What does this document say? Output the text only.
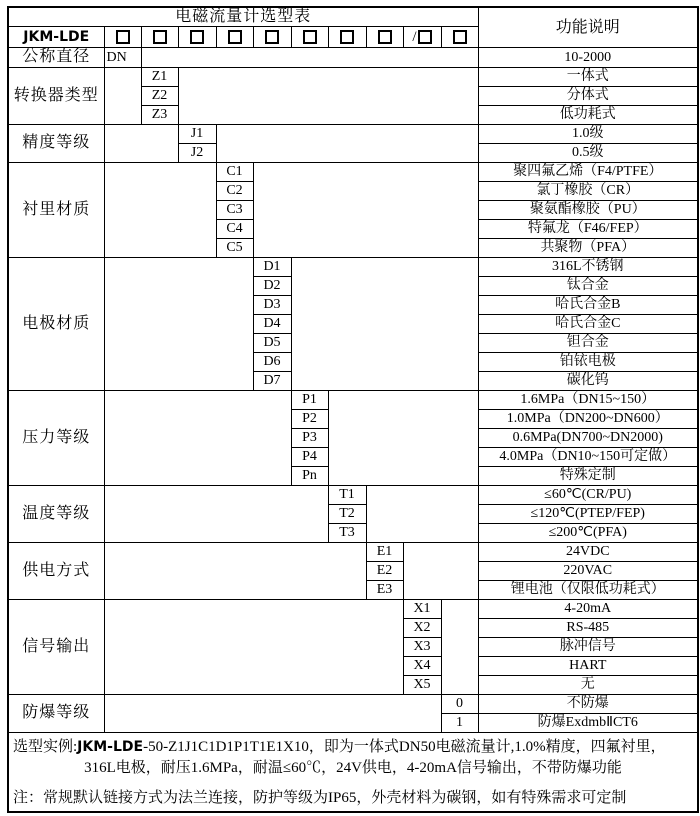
电磁流量计选型表											功能说明
JKM-LDE									/		
公称直径	DN										10-2000
转换器类型		Z1									一体式
		Z2									分体式
		Z3									低功耗式
精度等级			J1								1.0级
			J2								0.5级
衬里材质				C1							聚四氟乙烯（F4/PTFE）
				C2							氯丁橡胶（CR）
				C3							聚氨酯橡胶（PU）
				C4							特氟龙（F46/FEP）
				C5							共聚物（PFA）
电极材质					D1						316L不锈钢
					D2						钛合金
					D3						哈氏合金B
					D4						哈氏合金C
					D5						钽合金
					D6						铂铱电极
					D7						碳化钨
压力等级						P1					1.6MPa（DN15~150）
						P2					1.0MPa（DN200~DN600）
						P3					0.6MPa(DN700~DN2000)
						P4					4.0MPa（DN10~150可定做）
						Pn					特殊定制
温度等级							T1				≤60℃(CR/PU)
							T2				≤120℃(PTEP/FEP)
							T3				≤200℃(PFA)
供电方式								E1			24VDC
								E2			220VAC
								E3			锂电池（仅限低功耗式）
信号输出									X1		4-20mA
									X2		RS-485
									X3		脉冲信号
									X4		HART
									X5		无
防爆等级										0	不防爆
										1	防爆ExdmbⅡCT6

选型实例:JKM-LDE-50-Z1J1C1D1P1T1E1X10，即为一体式DN50电磁流量计,1.0%精度，四氟衬里，
316L电极，耐压1.6MPa，耐温≤60℃，24V供电，4-20mA信号输出，不带防爆功能
注：常规默认链接方式为法兰连接，防护等级为IP65，外壳材料为碳钢，如有特殊需求可定制											
